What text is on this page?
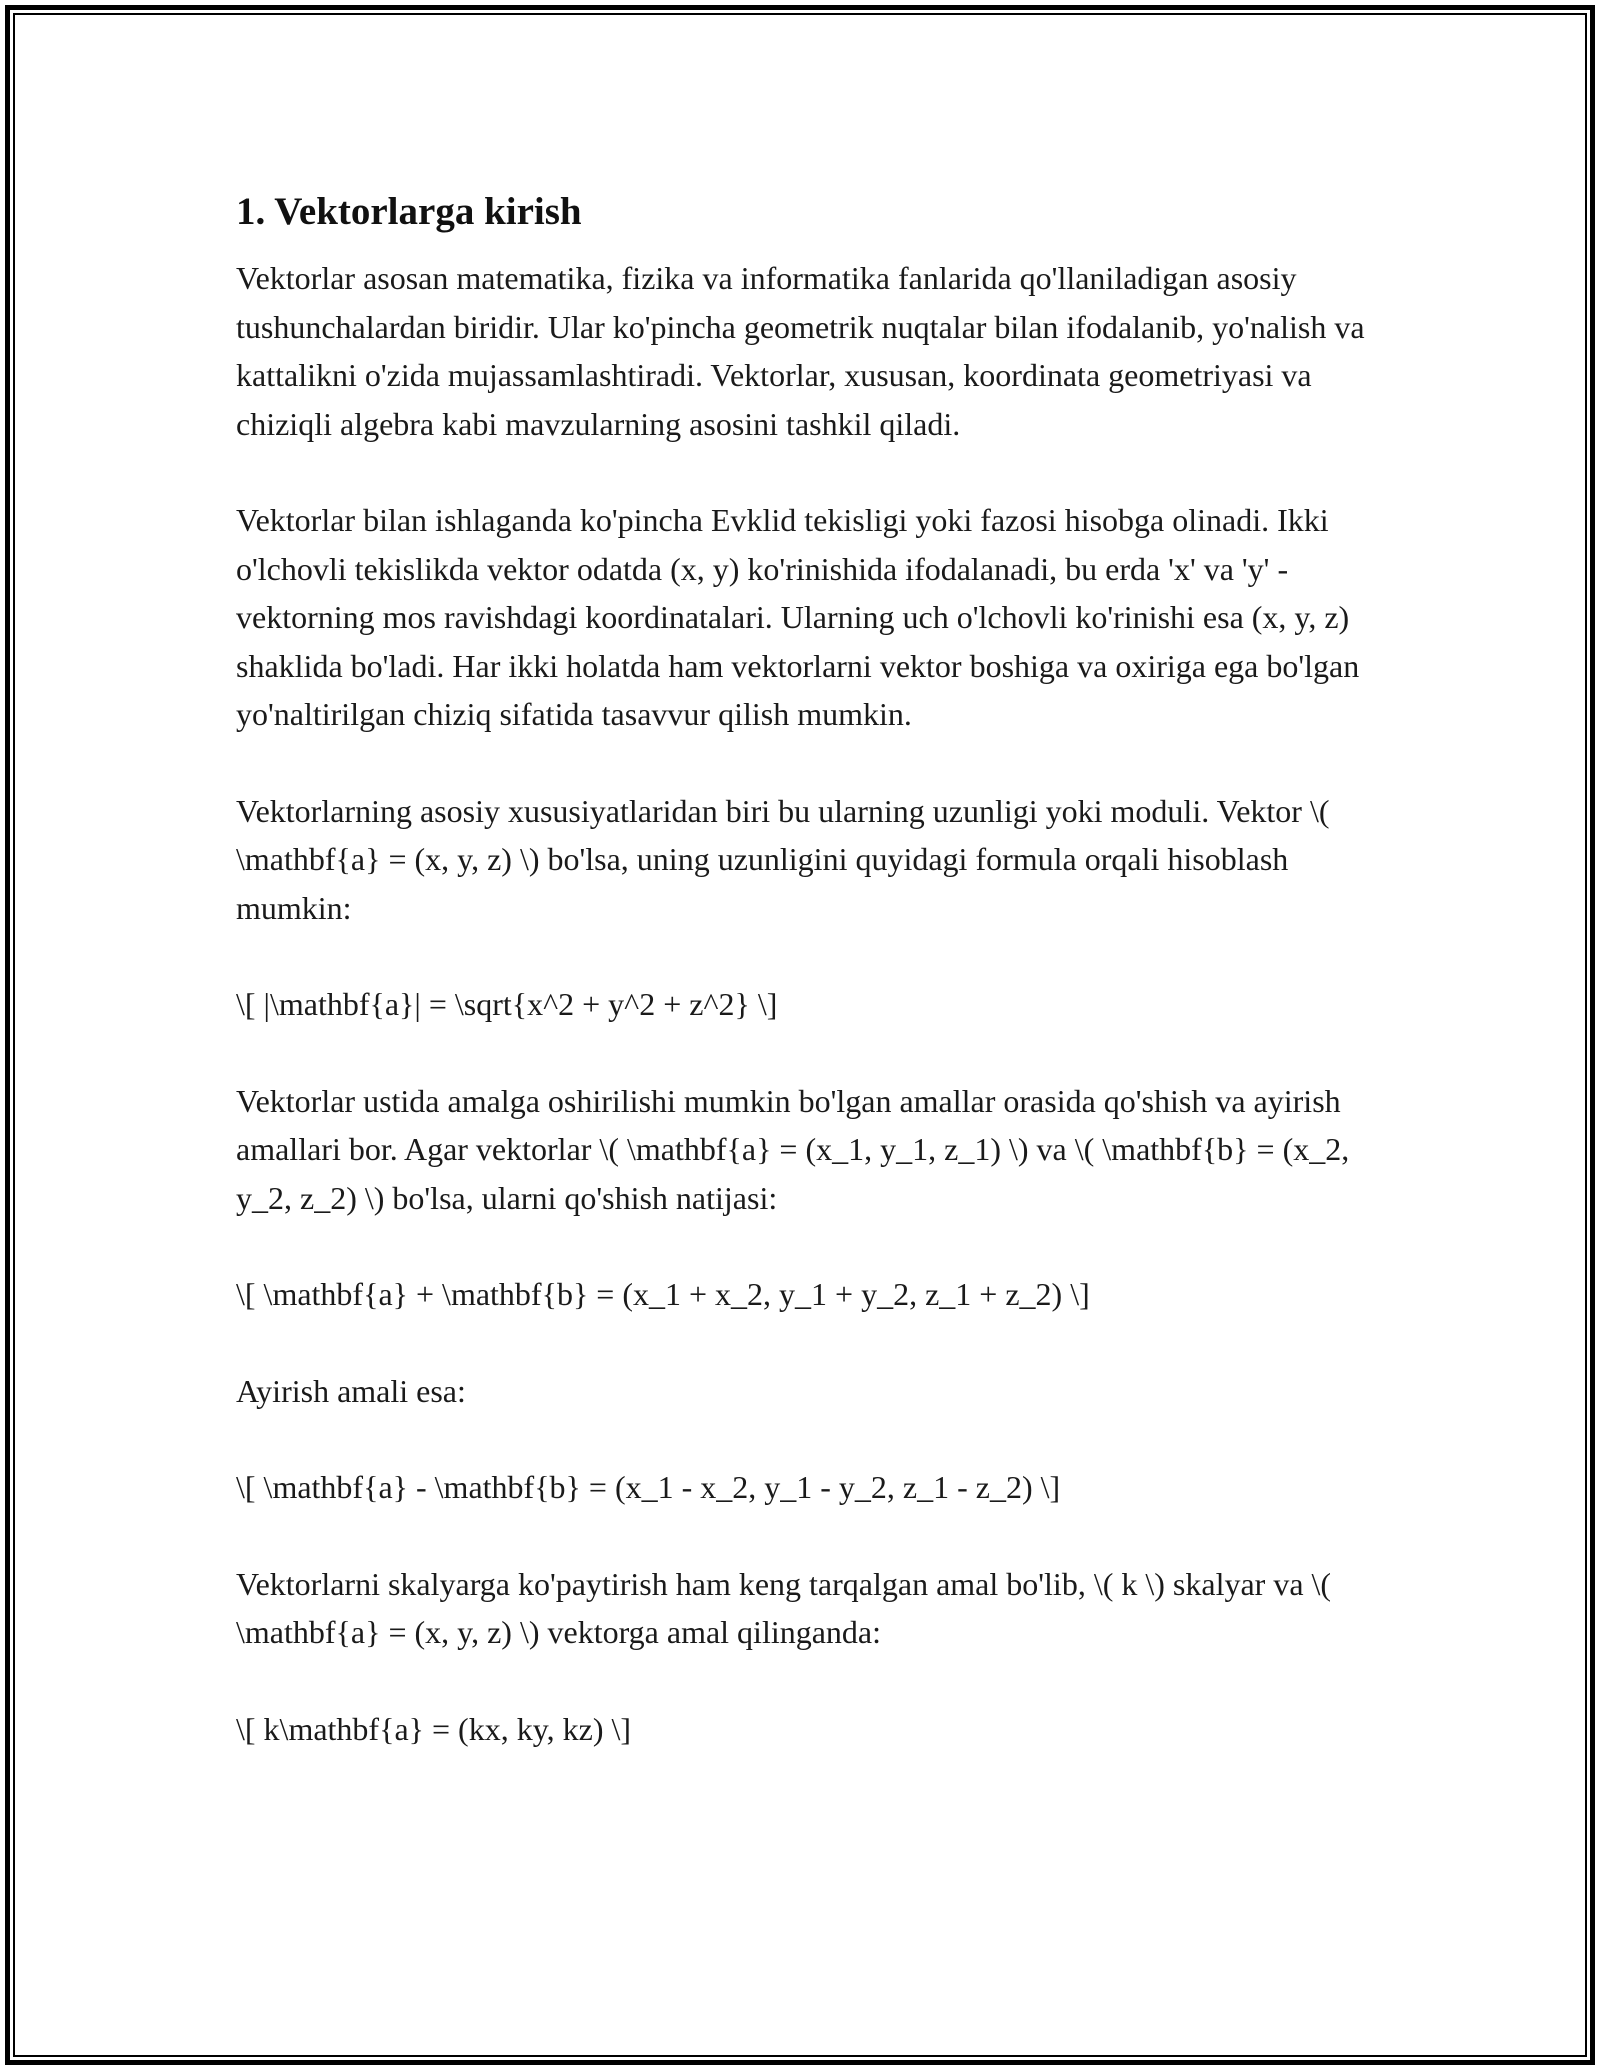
1. Vektorlarga kirish

Vektorlar asosan matematika, fizika va informatika fanlarida qo'llaniladigan asosiy tushunchalardan biridir. Ular ko'pincha geometrik nuqtalar bilan ifodalanib, yo'nalish va kattalikni o'zida mujassamlashtiradi. Vektorlar, xususan, koordinata geometriyasi va chiziqli algebra kabi mavzularning asosini tashkil qiladi.

Vektorlar bilan ishlaganda ko'pincha Evklid tekisligi yoki fazosi hisobga olinadi. Ikki o'lchovli tekislikda vektor odatda (x, y) ko'rinishida ifodalanadi, bu erda 'x' va 'y' - vektorning mos ravishdagi koordinatalari. Ularning uch o'lchovli ko'rinishi esa (x, y, z) shaklida bo'ladi. Har ikki holatda ham vektorlarni vektor boshiga va oxiriga ega bo'lgan yo'naltirilgan chiziq sifatida tasavvur qilish mumkin.

Vektorlarning asosiy xususiyatlaridan biri bu ularning uzunligi yoki moduli. Vektor \( \mathbf{a} = (x, y, z) \) bo'lsa, uning uzunligini quyidagi formula orqali hisoblash mumkin:

\[ |\mathbf{a}| = \sqrt{x^2 + y^2 + z^2} \]

Vektorlar ustida amalga oshirilishi mumkin bo'lgan amallar orasida qo'shish va ayirish amallari bor. Agar vektorlar \( \mathbf{a} = (x_1, y_1, z_1) \) va \( \mathbf{b} = (x_2, y_2, z_2) \) bo'lsa, ularni qo'shish natijasi:

\[ \mathbf{a} + \mathbf{b} = (x_1 + x_2, y_1 + y_2, z_1 + z_2) \]

Ayirish amali esa:

\[ \mathbf{a} - \mathbf{b} = (x_1 - x_2, y_1 - y_2, z_1 - z_2) \]

Vektorlarni skalyarga ko'paytirish ham keng tarqalgan amal bo'lib, \( k \) skalyar va \( \mathbf{a} = (x, y, z) \) vektorga amal qilinganda:

\[ k\mathbf{a} = (kx, ky, kz) \]
